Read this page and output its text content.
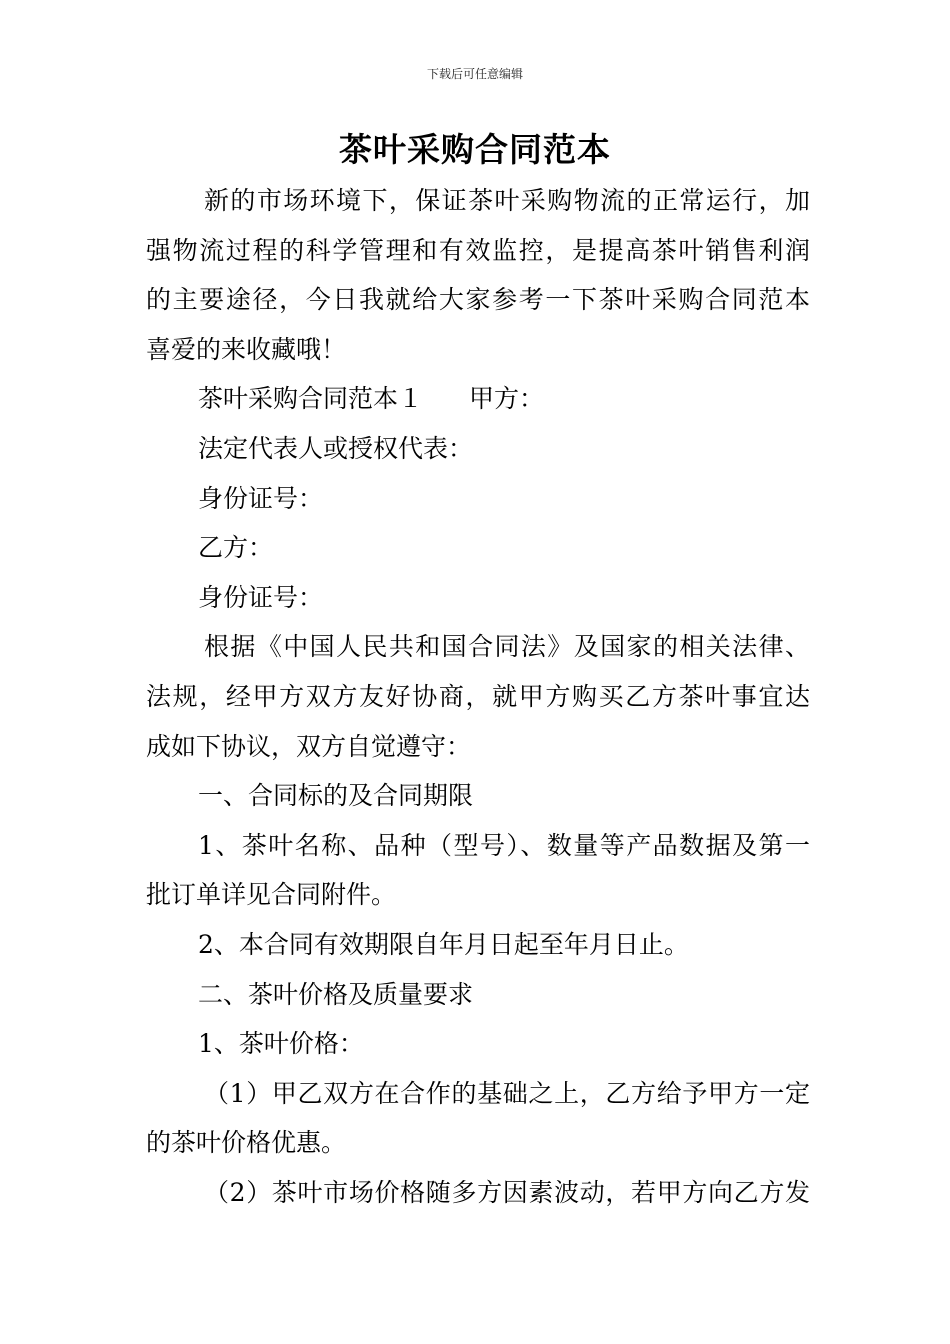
下载后可任意编辑
茶叶采购合同范本
新的市场环境下，保证茶叶采购物流的正常运行，加
强物流过程的科学管理和有效监控，是提高茶叶销售利润
的主要途径，今日我就给大家参考一下茶叶采购合同范本
喜爱的来收藏哦！
茶叶采购合同范本１ 甲方：
法定代表人或授权代表：
身份证号：
乙方：
身份证号：
根据《中国人民共和国合同法》及国家的相关法律、
法规，经甲方双方友好协商，就甲方购买乙方茶叶事宜达
成如下协议，双方自觉遵守：
一、合同标的及合同期限
1、茶叶名称、品种（型号）、数量等产品数据及第一
批订单详见合同附件。
2、本合同有效期限自年月日起至年月日止。
二、茶叶价格及质量要求
1、茶叶价格：
（1）甲乙双方在合作的基础之上，乙方给予甲方一定
的茶叶价格优惠。
（2）茶叶市场价格随多方因素波动，若甲方向乙方发
